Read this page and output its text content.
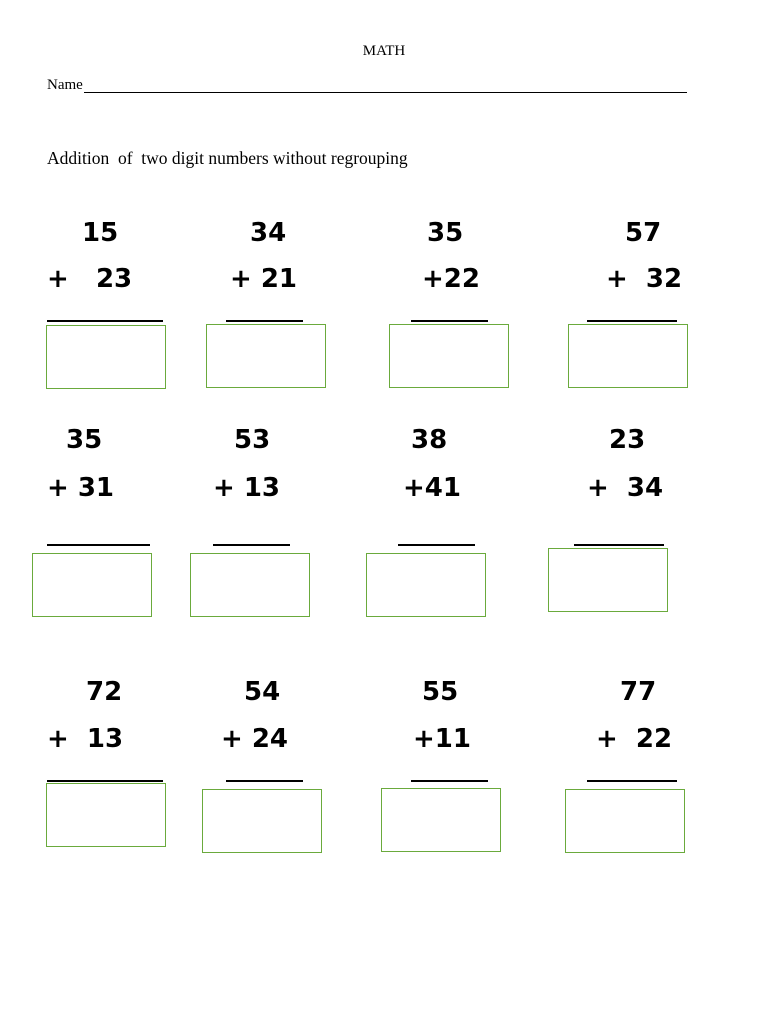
MATH
Name
Addition  of  two digit numbers without regrouping
15
+   23
34
+ 21
35
+22
57
+  32
35
+ 31
53
+ 13
38
+41
23
+  34
72
+  13
54
+ 24
55
+11
77
+  22
